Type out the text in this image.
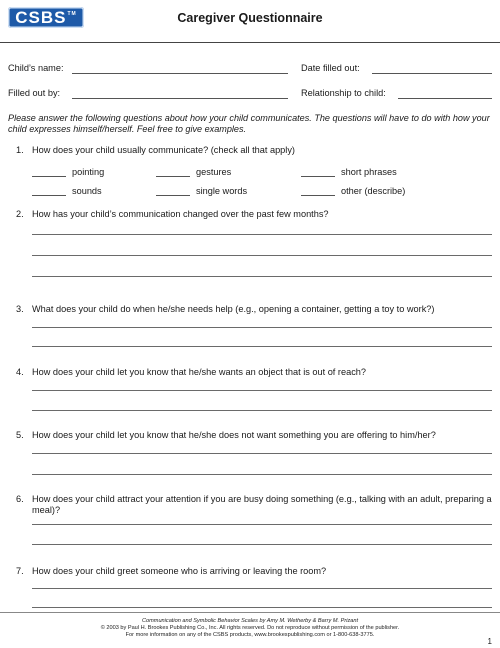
CSBS TM	Caregiver Questionnaire
Child’s name:	Date filled out:
Filled out by:	Relationship to child:
Please answer the following questions about how your child communicates. The questions will have to do with how your child expresses himself/herself. Feel free to give examples.
1. How does your child usually communicate? (check all that apply)
pointing	gestures	short phrases
sounds	single words	other (describe)
2. How has your child’s communication changed over the past few months?
3. What does your child do when he/she needs help (e.g., opening a container, getting a toy to work?)
4. How does your child let you know that he/she wants an object that is out of reach?
5. How does your child let you know that he/she does not want something you are offering to him/her?
6. How does your child attract your attention if you are busy doing something (e.g., talking with an adult, preparing a meal)?
7. How does your child greet someone who is arriving or leaving the room?
Communication and Symbolic Behavior Scales by Amy M. Wetherby & Barry M. Prizant
© 2003 by Paul H. Brookes Publishing Co., Inc. All rights reserved. Do not reproduce without permission of the publisher.
For more information on any of the CSBS products, www.brookespublishing.com or 1-800-638-3775.
1
